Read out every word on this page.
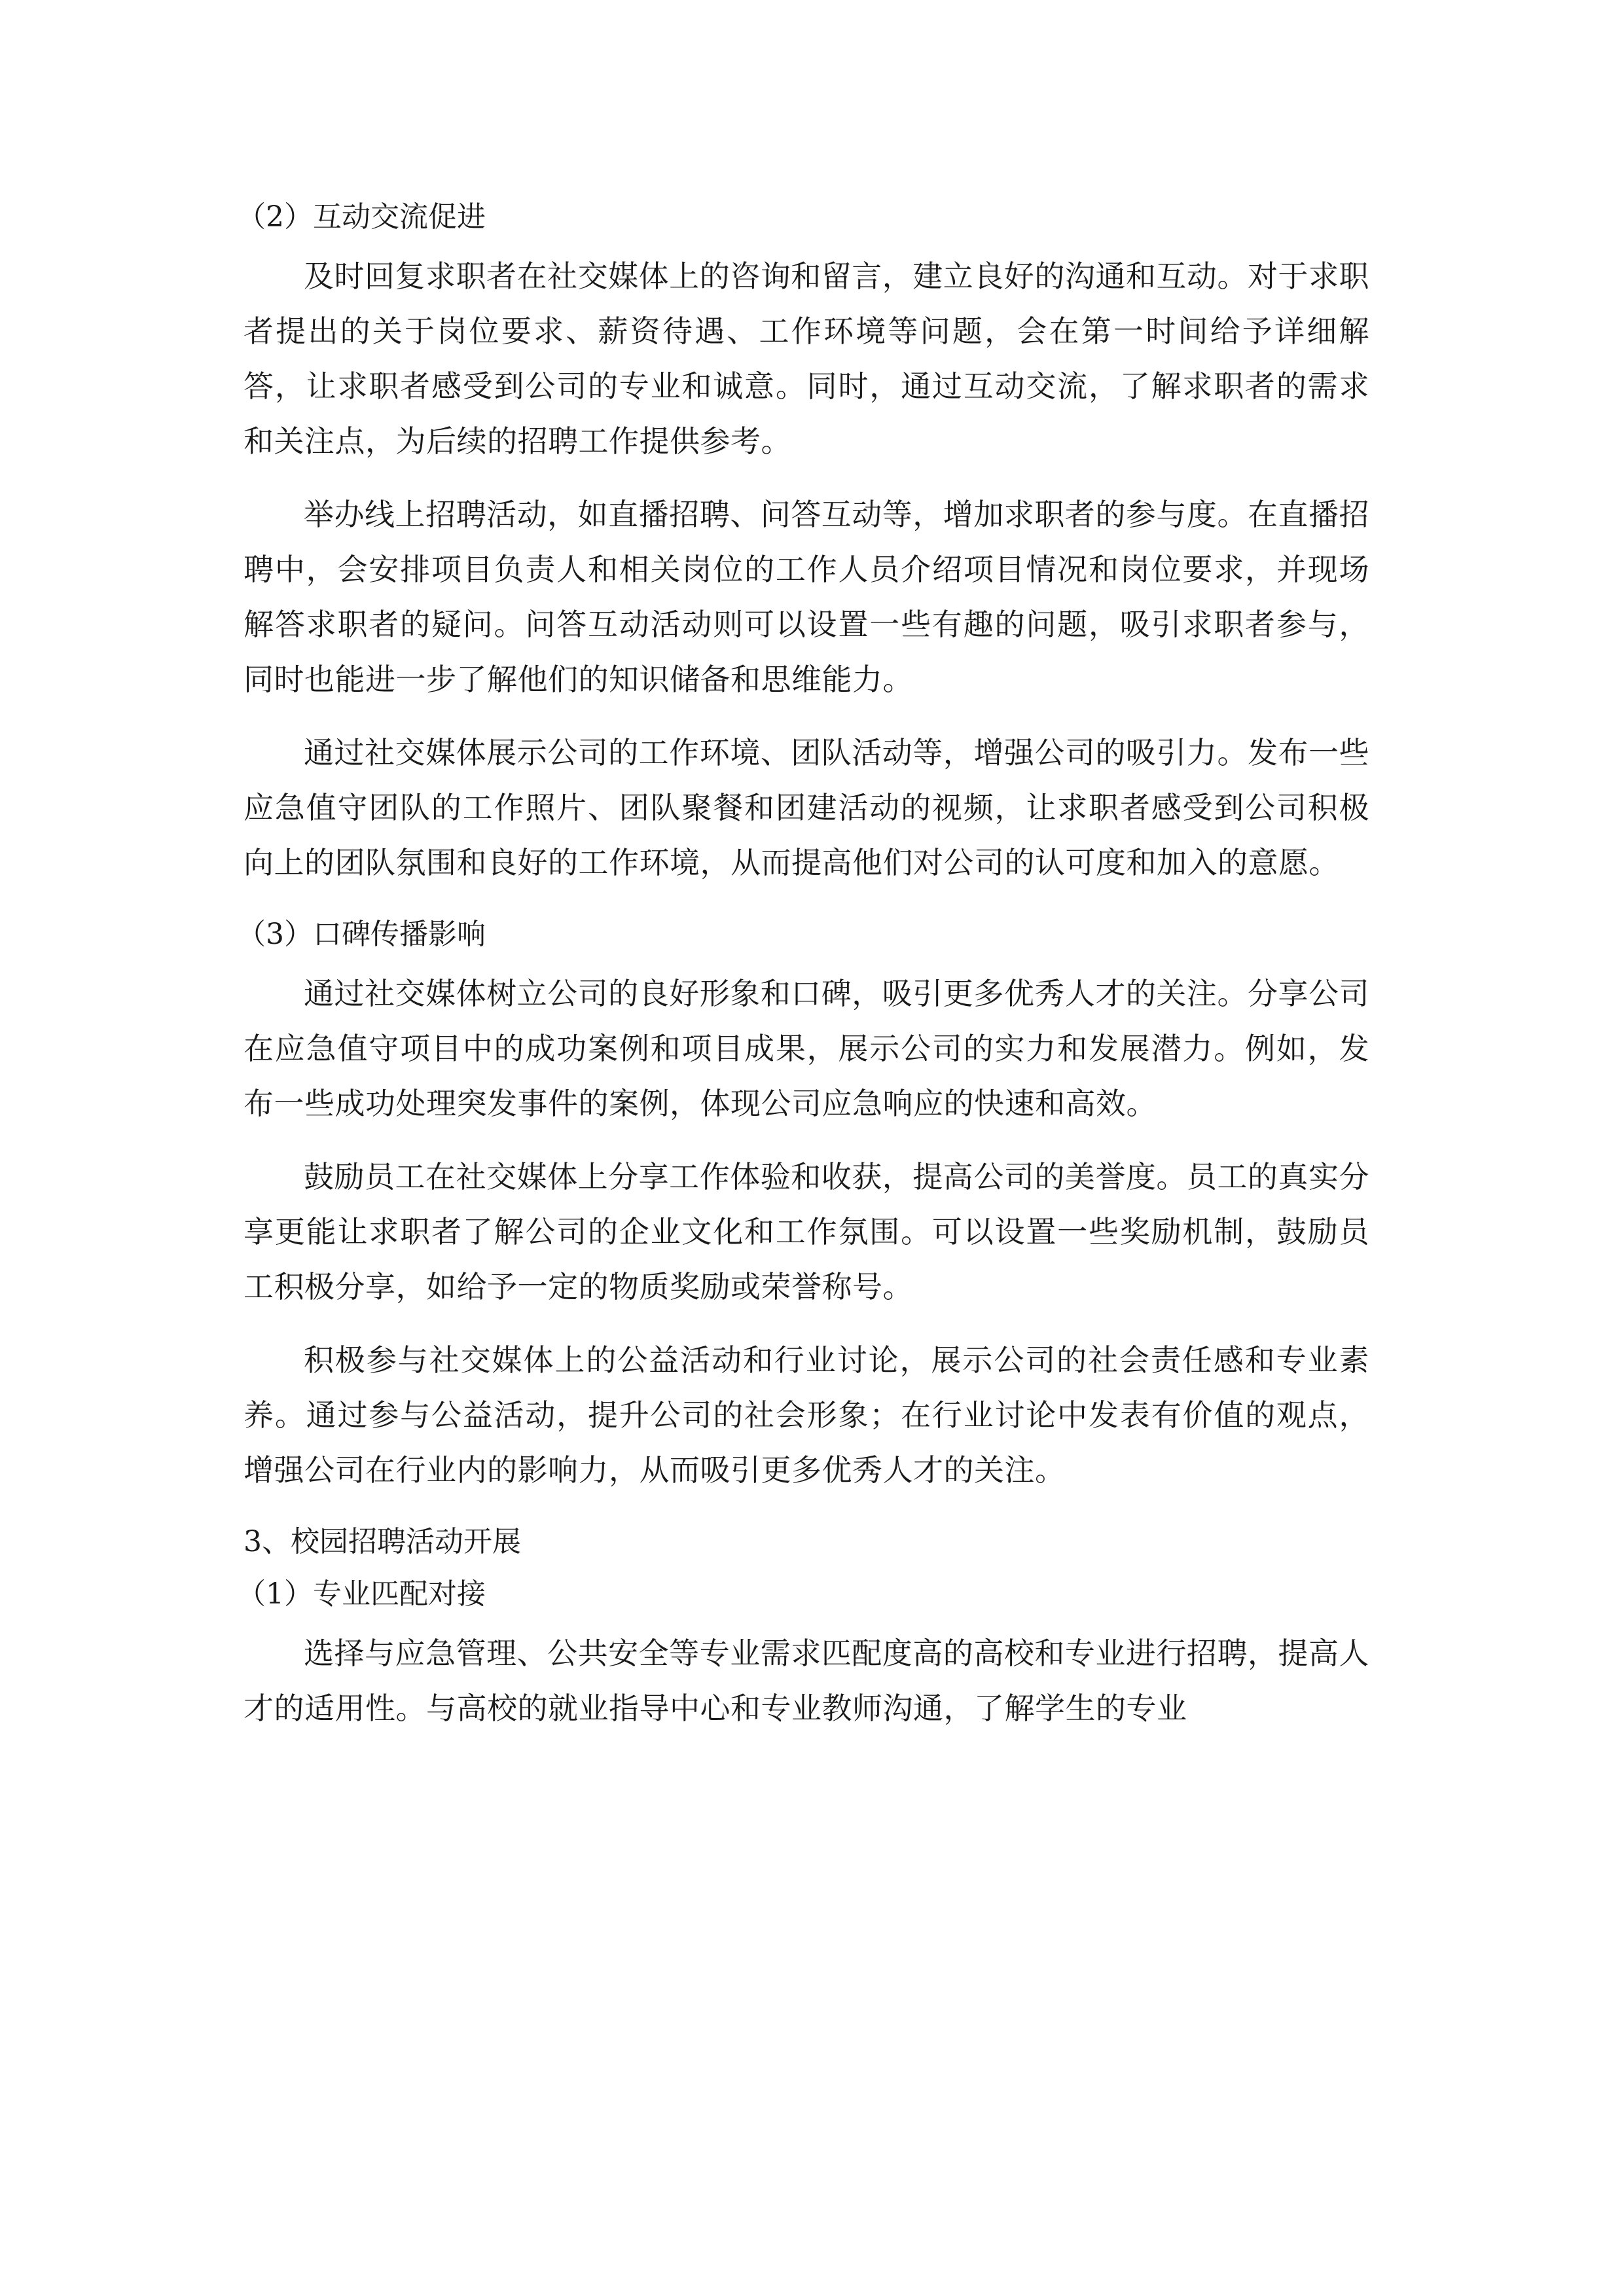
（2）互动交流促进

及时回复求职者在社交媒体上的咨询和留言，建立良好的沟通和互动。对于求职者提出的关于岗位要求、薪资待遇、工作环境等问题，会在第一时间给予详细解答，让求职者感受到公司的专业和诚意。同时，通过互动交流，了解求职者的需求和关注点，为后续的招聘工作提供参考。

举办线上招聘活动，如直播招聘、问答互动等，增加求职者的参与度。在直播招聘中，会安排项目负责人和相关岗位的工作人员介绍项目情况和岗位要求，并现场解答求职者的疑问。问答互动活动则可以设置一些有趣的问题，吸引求职者参与，同时也能进一步了解他们的知识储备和思维能力。

通过社交媒体展示公司的工作环境、团队活动等，增强公司的吸引力。发布一些应急值守团队的工作照片、团队聚餐和团建活动的视频，让求职者感受到公司积极向上的团队氛围和良好的工作环境，从而提高他们对公司的认可度和加入的意愿。

（3）口碑传播影响

通过社交媒体树立公司的良好形象和口碑，吸引更多优秀人才的关注。分享公司在应急值守项目中的成功案例和项目成果，展示公司的实力和发展潜力。例如，发布一些成功处理突发事件的案例，体现公司应急响应的快速和高效。

鼓励员工在社交媒体上分享工作体验和收获，提高公司的美誉度。员工的真实分享更能让求职者了解公司的企业文化和工作氛围。可以设置一些奖励机制，鼓励员工积极分享，如给予一定的物质奖励或荣誉称号。

积极参与社交媒体上的公益活动和行业讨论，展示公司的社会责任感和专业素养。通过参与公益活动，提升公司的社会形象；在行业讨论中发表有价值的观点，增强公司在行业内的影响力，从而吸引更多优秀人才的关注。

3、校园招聘活动开展

（1）专业匹配对接

选择与应急管理、公共安全等专业需求匹配度高的高校和专业进行招聘，提高人才的适用性。与高校的就业指导中心和专业教师沟通，了解学生的专业
